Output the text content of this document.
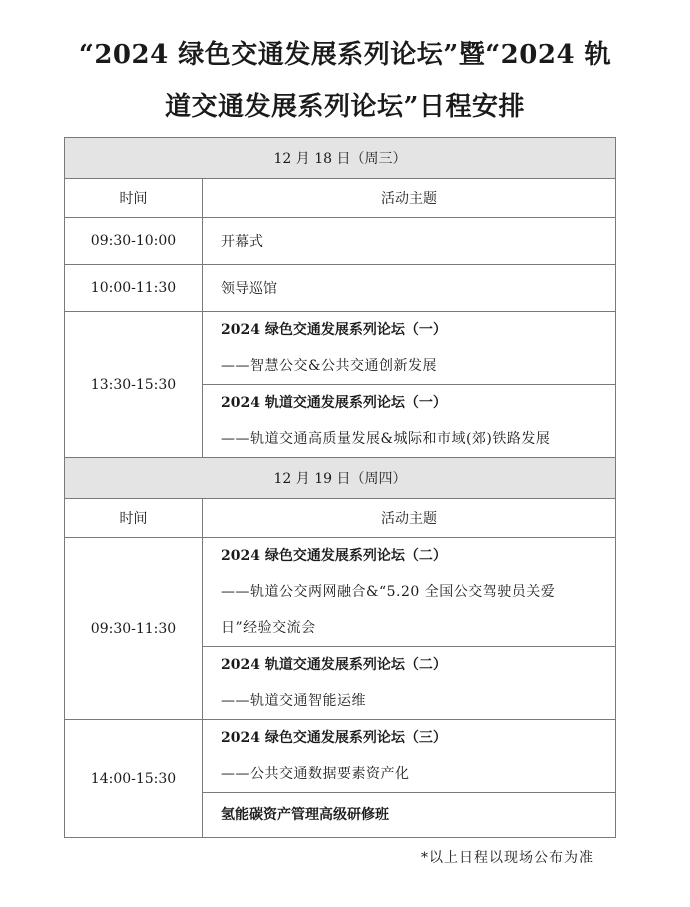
“2024 绿色交通发展系列论坛”暨“2024 轨
道交通发展系列论坛”日程安排
12 月 18 日（周三）	
时间	活动主题
09:30-10:00	开幕式
10:00-11:30	领导巡馆
13:30-15:30	2024 绿色交通发展系列论坛（一）
——智慧公交&公共交通创新发展

	2024 轨道交通发展系列论坛（一）
——轨道交通高质量发展&城际和市域(郊)铁路发展

12 月 19 日（周四）	
时间	活动主题
09:30-11:30	2024 绿色交通发展系列论坛（二）
——轨道公交两网融合&“5.20 全国公交驾驶员关爱
日”经验交流会

	2024 轨道交通发展系列论坛（二）
——轨道交通智能运维

14:00-15:30	2024 绿色交通发展系列论坛（三）
——公共交通数据要素资产化

	氢能碳资产管理高级研修班
*以上日程以现场公布为准
